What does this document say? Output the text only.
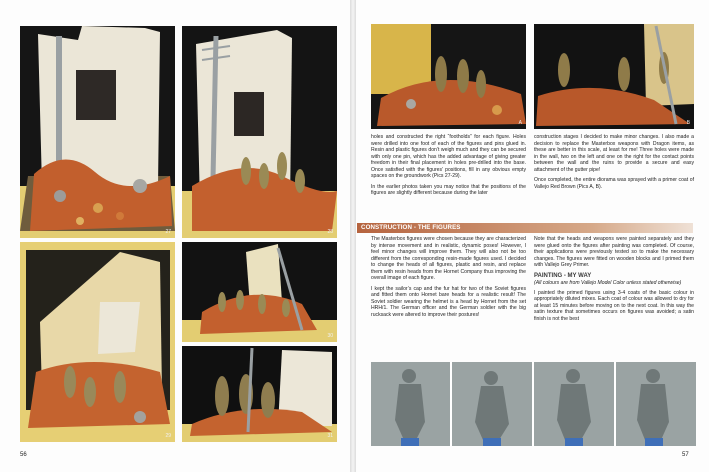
27	28
29
30
31
56
A	B

holes and constructed the right “footholds” for each figure. Holes were drilled into one foot of each of the figures and pins glued in. Resin and plastic figures don’t weigh much and they can be secured with only one pin, which has the added advantage of giving greater freedom in their final placement in holes pre-drilled into the base. Once satisfied with the figures’ positions, fill in any obvious empty spaces on the groundwork (Pics 27-29).

In the earlier photos taken you may notice that the positions of the figures are slightly different because during the later

construction stages I decided to make minor changes. I also made a decision to replace the Masterbox weapons with Dragon items, as these are better in this scale, at least for me! Three holes were made in the wall, two on the left and one on the right for the contact points between the wall and the ruins to provide a secure and easy attachment of the gutter pipe!

Once completed, the entire diorama was sprayed with a primer coat of Vallejo Red Brown (Pics A, B).

CONSTRUCTION - THE FIGURES

The Masterbox figures were chosen because they are characterized by intense movement and in realistic, dynamic poses! However, I feel minor changes will improve them. They will also not be too different from the corresponding resin-made figures used. I decided to change the heads of all figures, plastic and resin, and replace them with resin heads from the Hornet Company thus improving the overall image of each figure.

I kept the sailor’s cap and the fur hat for two of the Soviet figures and fitted them onto Hornet bare heads for a realistic result! The Soviet soldier wearing the helmet is a head by Hornet from the set HRH/1. The German officer and the German soldier with the big rucksack were altered to improve their postures!

Note that the heads and weapons were painted separately and they were glued onto the figures after painting was completed. Of course, their applications were previously tested so to make the necessary changes. The figures were fitted on wooden blocks and I primed them with Vallejo Grey Primer.

PAINTING - MY WAY
(All colours are from Vallejo Model Color unless stated otherwise)

I painted the primed figures using 3-4 coats of the basic colour in appropriately diluted mixes. Each coat of colour was allowed to dry for at least 15 minutes before moving on to the next coat. In this way the satin texture that sometimes occurs on figures was avoided; a satin finish is not the best

57
